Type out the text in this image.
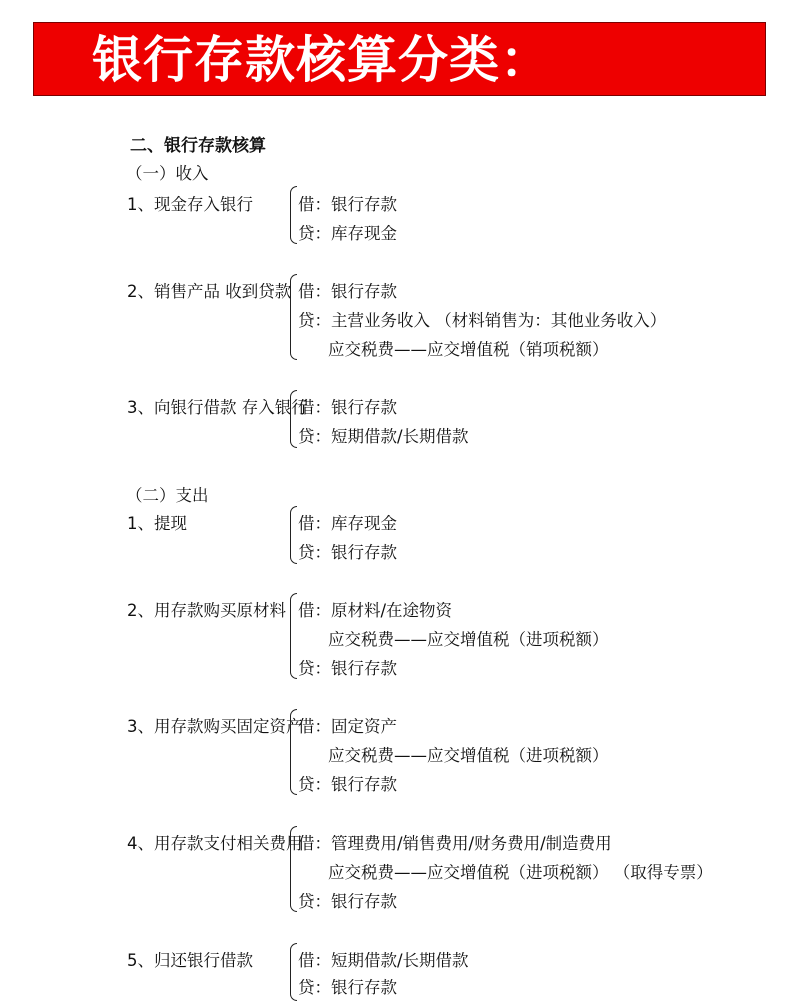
银行存款核算分类：
二、银行存款核算
（一）收入
1、现金存入银行	借：银行存款
贷：库存现金
2、销售产品 收到贷款 借：银行存款
贷：主营业务收入 （材料销售为：其他业务收入）
应交税费——应交增值税（销项税额）
3、向银行借款 存入银行
借：银行存款
贷：短期借款/长期借款
（二）支出
1、提现	借：库存现金
贷：银行存款
2、用存款购买原材料 借：原材料/在途物资
应交税费——应交增值税（进项税额）
贷：银行存款
3、用存款购买固定资产
借：固定资产
应交税费——应交增值税（进项税额）
贷：银行存款
4、用存款支付相关费用
借：管理费用/销售费用/财务费用/制造费用
应交税费——应交增值税（进项税额） （取得专票）
贷：银行存款
5、归还银行借款	借：短期借款/长期借款
贷：银行存款
